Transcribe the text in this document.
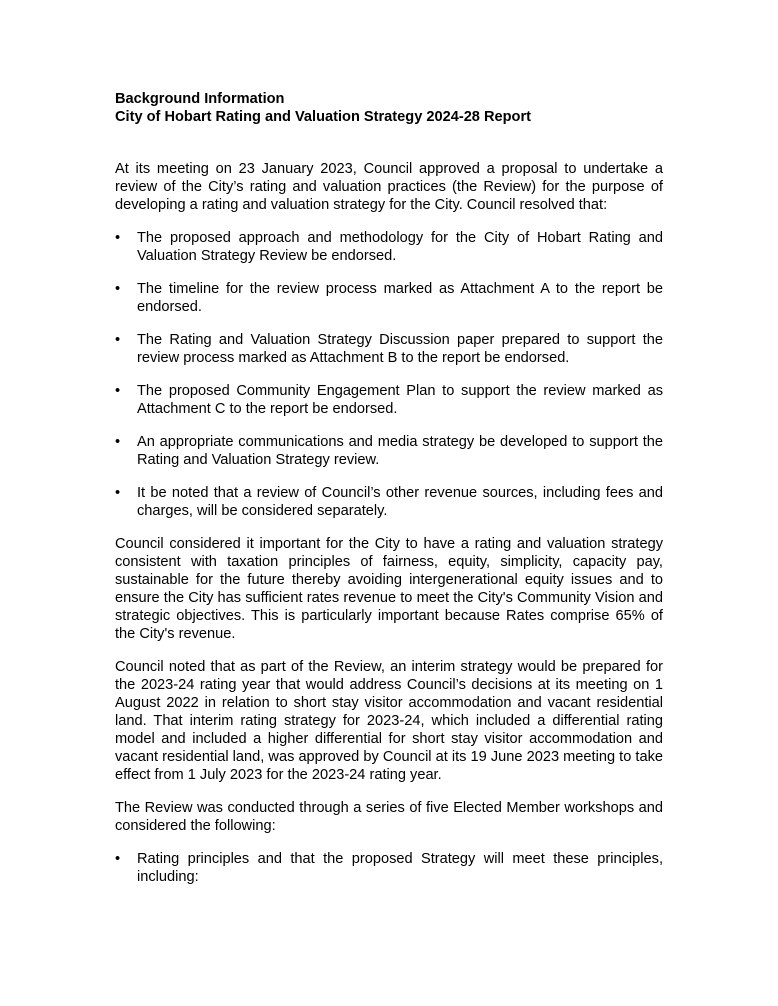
Background Information

City of Hobart Rating and Valuation Strategy 2024-28 Report

At its meeting on 23 January 2023, Council approved a proposal to undertake a review of the City’s rating and valuation practices (the Review) for the purpose of developing a rating and valuation strategy for the City. Council resolved that:

•	The proposed approach and methodology for the City of Hobart Rating and Valuation Strategy Review be endorsed.
•	The timeline for the review process marked as Attachment A to the report be endorsed.
•	The Rating and Valuation Strategy Discussion paper prepared to support the review process marked as Attachment B to the report be endorsed.
•	The proposed Community Engagement Plan to support the review marked as Attachment C to the report be endorsed.
•	An appropriate communications and media strategy be developed to support the Rating and Valuation Strategy review.
•	It be noted that a review of Council’s other revenue sources, including fees and charges, will be considered separately.

Council considered it important for the City to have a rating and valuation strategy consistent with taxation principles of fairness, equity, simplicity, capacity pay, sustainable for the future thereby avoiding intergenerational equity issues and to ensure the City has sufficient rates revenue to meet the City's Community Vision and strategic objectives. This is particularly important because Rates comprise 65% of the City's revenue.

Council noted that as part of the Review, an interim strategy would be prepared for the 2023-24 rating year that would address Council’s decisions at its meeting on 1 August 2022 in relation to short stay visitor accommodation and vacant residential land. That interim rating strategy for 2023-24, which included a differential rating model and included a higher differential for short stay visitor accommodation and vacant residential land, was approved by Council at its 19 June 2023 meeting to take effect from 1 July 2023 for the 2023-24 rating year.

The Review was conducted through a series of five Elected Member workshops and considered the following:

•	Rating principles and that the proposed Strategy will meet these principles, including:
